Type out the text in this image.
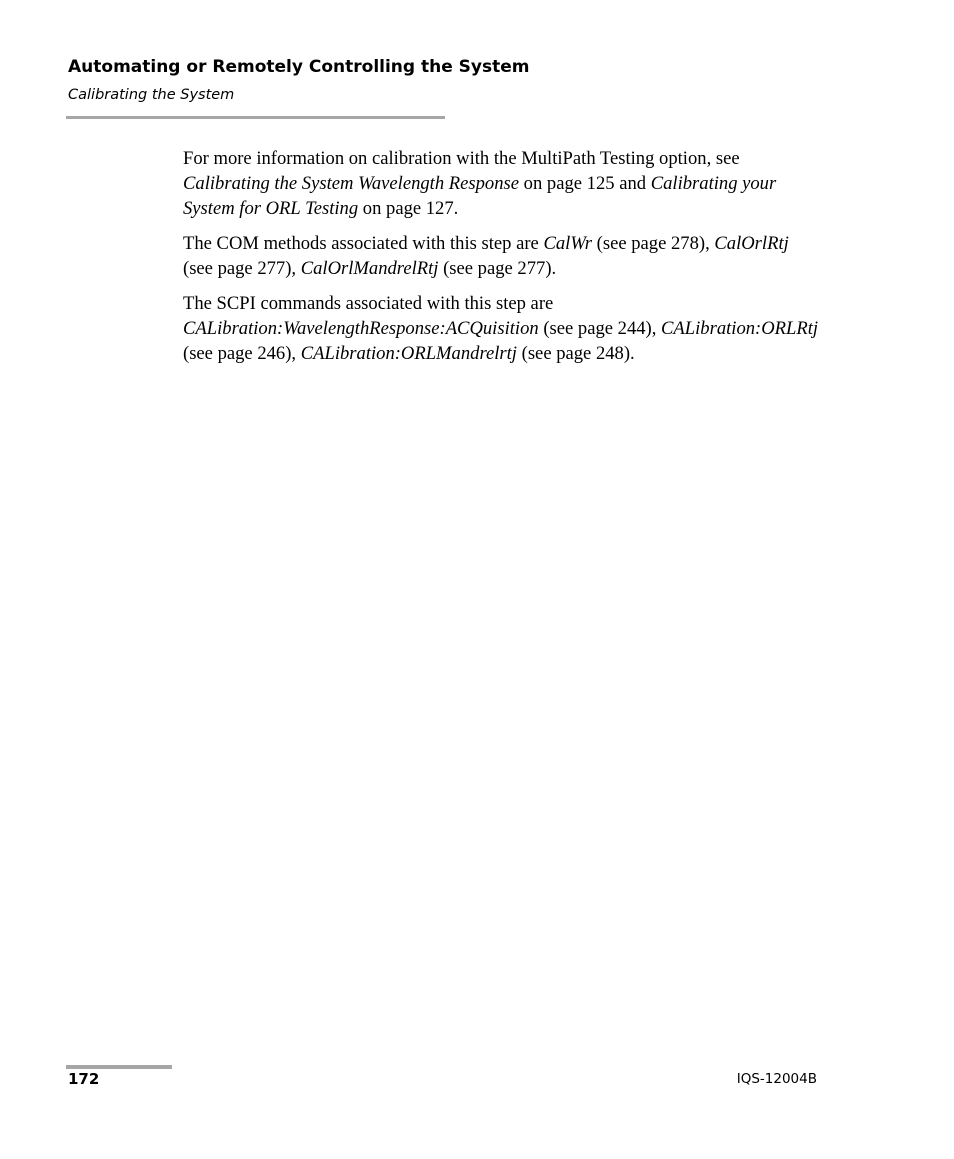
Automating or Remotely Controlling the System
Calibrating the System

For more information on calibration with the MultiPath Testing option, see Calibrating the System Wavelength Response on page 125 and Calibrating your System for ORL Testing on page 127.

The COM methods associated with this step are CalWr (see page 278), CalOrlRtj (see page 277), CalOrlMandrelRtj (see page 277).

The SCPI commands associated with this step are CALibration:WavelengthResponse:ACQuisition (see page 244), CALibration:ORLRtj (see page 246), CALibration:ORLMandrelrtj (see page 248).

172	IQS-12004B
